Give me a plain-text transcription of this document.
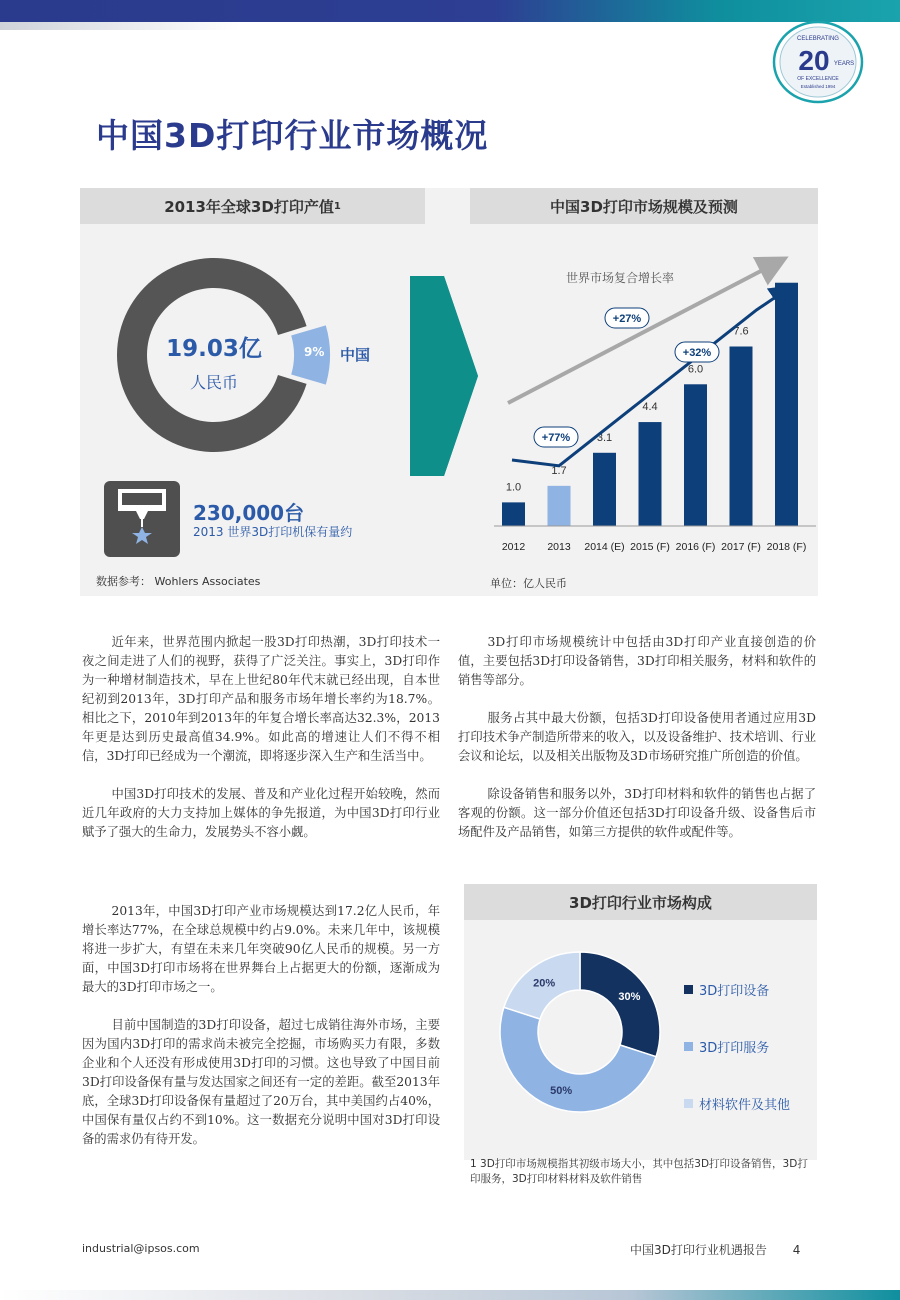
CELEBRATING
20 YEARS
OF EXCELLENCE
Established 1994
中国3D打印行业市场概况
2013年全球3D打印产值 1	中国3D打印市场规模及预测
19.03亿
人民币
9% 中国
230,000台
2013 世界3D打印机保有量约
数据参考： Wohlers Associates
1.0
2012
1.7
2013
3.1
2014 (E)
4.4
2015 (F)
6.0
2016 (F)
7.6
2017 (F) 2018 (F)
世界市场复合增长率
+27%
+32%
+77%
单位：亿人民币

近年来，世界范围内掀起一股3D打印热潮，3D打印技术一夜之间走进了人们的视野，获得了广泛关注。事实上，3D打印作为一种增材制造技术，早在上世纪80年代末就已经出现，自本世纪初到2013年，3D打印产品和服务市场年增长率约为18.7%。相比之下，2010年到2013年的年复合增长率高达32.3%，2013年更是达到历史最高值34.9%。如此高的增速让人们不得不相信，3D打印已经成为一个潮流，即将逐步深入生产和生活当中。

中国3D打印技术的发展、普及和产业化过程开始较晚，然而近几年政府的大力支持加上媒体的争先报道，为中国3D打印行业赋予了强大的生命力，发展势头不容小觑。

2013年，中国3D打印产业市场规模达到17.2亿人民币，年增长率达77%，在全球总规模中约占9.0%。未来几年中，该规模将进一步扩大，有望在未来几年突破90亿人民币的规模。另一方面，中国3D打印市场将在世界舞台上占据更大的份额，逐渐成为最大的3D打印市场之一。

目前中国制造的3D打印设备，超过七成销往海外市场，主要因为国内3D打印的需求尚未被完全挖掘，市场购买力有限，多数企业和个人还没有形成使用3D打印的习惯。这也导致了中国目前3D打印设备保有量与发达国家之间还有一定的差距。截至2013年底，全球3D打印设备保有量超过了20万台，其中美国约占40%，中国保有量仅占约不到10%。这一数据充分说明中国对3D打印设备的需求仍有待开发。

3D打印市场规模统计中包括由3D打印产业直接创造的价值，主要包括3D打印设备销售，3D打印相关服务，材料和软件的销售等部分。

服务占其中最大份额，包括3D打印设备使用者通过应用3D打印技术争产制造所带来的收入，以及设备维护、技术培训、行业会议和论坛，以及相关出版物及3D市场研究推广所创造的价值。

除设备销售和服务以外，3D打印材料和软件的销售也占据了客观的份额。这一部分价值还包括3D打印设备升级、设备售后市场配件及产品销售，如第三方提供的软件或配件等。

3D打印行业市场构成
30%
50%
20%
3D打印设备
3D打印服务
材料软件及其他
1 3D打印市场规模指其初级市场大小，其中包括3D打印设备销售，3D打印服务，3D打印材料材料及软件销售
industrial@ipsos.com	中国3D打印行业机遇报告 4
